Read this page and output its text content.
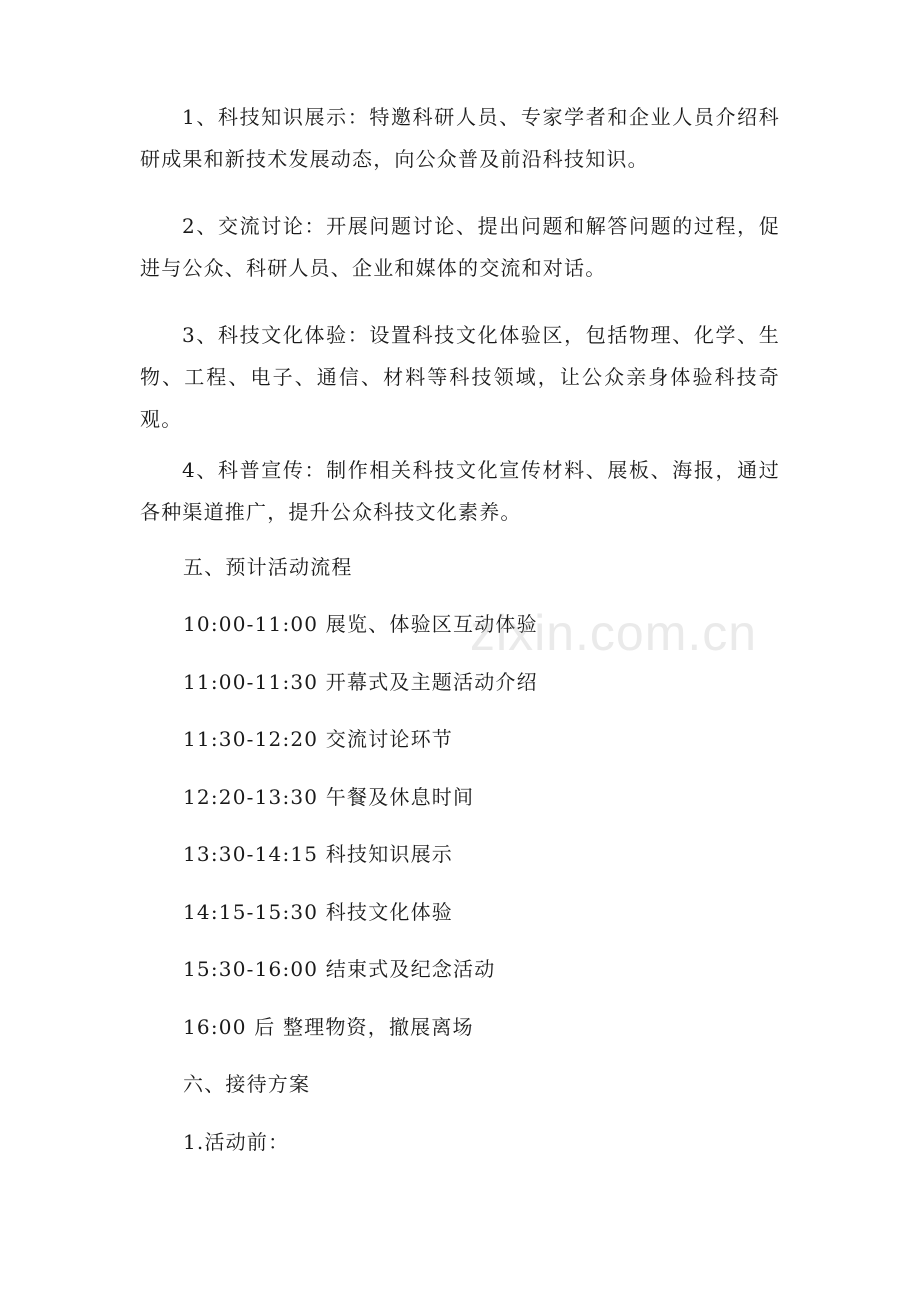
1、科技知识展示：特邀科研人员、专家学者和企业人员介绍科研成果和新技术发展动态，向公众普及前沿科技知识。

2、交流讨论：开展问题讨论、提出问题和解答问题的过程，促进与公众、科研人员、企业和媒体的交流和对话。

3、科技文化体验：设置科技文化体验区，包括物理、化学、生物、工程、电子、通信、材料等科技领域，让公众亲身体验科技奇观。

4、科普宣传：制作相关科技文化宣传材料、展板、海报，通过各种渠道推广，提升公众科技文化素养。

五、预计活动流程
10:00-11:00 展览、体验区互动体验
11:00-11:30 开幕式及主题活动介绍
11:30-12:20 交流讨论环节
12:20-13:30 午餐及休息时间
13:30-14:15 科技知识展示
14:15-15:30 科技文化体验
15:30-16:00 结束式及纪念活动
16:00 后 整理物资，撤展离场
六、接待方案
1.活动前：
zixin.com.cn
